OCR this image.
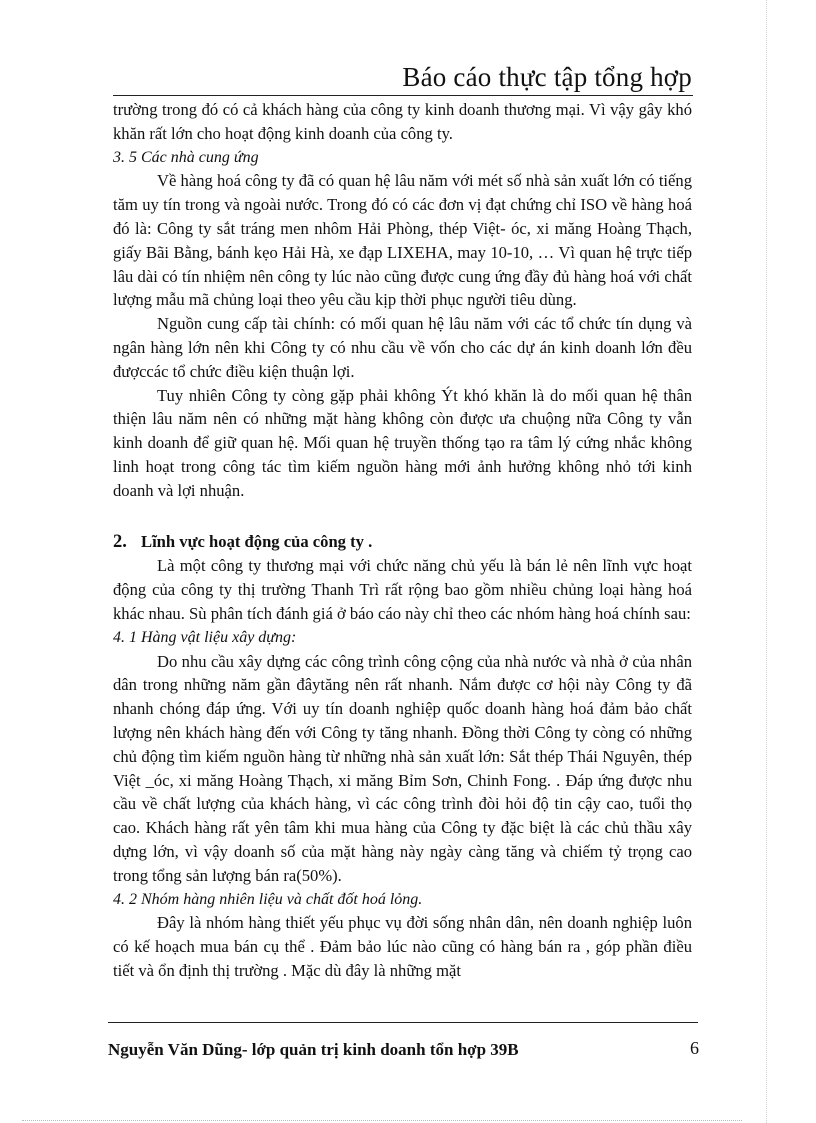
Báo cáo thực tập tổng hợp

trường trong đó có cả khách hàng của công ty kinh doanh thương mại. Vì vậy gây khó khăn rất lớn cho hoạt động kinh doanh của công ty.

3. 5 Các nhà cung ứng

Về hàng hoá công ty đã có quan hệ lâu năm với mét số nhà sản xuất lớn có tiếng tăm uy tín trong và ngoài nước. Trong đó có các đơn vị đạt chứng chỉ ISO về hàng hoá đó là: Công ty sắt tráng men nhôm Hải Phòng, thép Việt- óc, xi măng Hoàng Thạch, giấy Bãi Bằng, bánh kẹo Hải Hà, xe đạp LIXEHA, may 10-10, … Vì quan hệ trực tiếp lâu dài có tín nhiệm nên công ty lúc nào cũng được cung ứng đầy đủ hàng hoá với chất lượng mẫu mã chủng loại theo yêu cầu kịp thời phục người tiêu dùng.

Nguồn cung cấp tài chính: có mối quan hệ lâu năm với các tổ chức tín dụng và ngân hàng lớn nên khi Công ty có nhu cầu về vốn cho các dự án kinh doanh lớn đều đượccác tổ chức điều kiện thuận lợi.

Tuy nhiên Công ty còng gặp phải không Ýt khó khăn là do mối quan hệ thân thiện lâu năm nên có những mặt hàng không còn được ưa chuộng nữa Công ty vẫn kinh doanh để giữ quan hệ. Mối quan hệ truyền thống tạo ra tâm lý cứng nhắc không linh hoạt trong công tác tìm kiếm nguồn hàng mới ảnh hưởng không nhỏ tới kinh doanh và lợi nhuận.

2. Lĩnh vực hoạt động của công ty .

Là một công ty thương mại với chức năng chủ yếu là bán lẻ nên lĩnh vực hoạt động của công ty thị trường Thanh Trì rất rộng bao gồm nhiều chủng loại hàng hoá khác nhau. Sù phân tích đánh giá ở báo cáo này chỉ theo các nhóm hàng hoá chính sau:

4. 1 Hàng vật liệu xây dựng:

Do nhu cầu xây dựng các công trình công cộng của nhà nước và nhà ở của nhân dân trong những năm gần đâytăng nên rất nhanh. Nắm được cơ hội này Công ty đã nhanh chóng đáp ứng. Với uy tín doanh nghiệp quốc doanh hàng hoá đảm bảo chất lượng nên khách hàng đến với Công ty tăng nhanh. Đồng thời Công ty còng có những chủ động tìm kiếm nguồn hàng từ những nhà sản xuất lớn: Sắt thép Thái Nguyên, thép Việt _óc, xi măng Hoàng Thạch, xi măng Bỉm Sơn, Chinh Fong. . Đáp ứng được nhu cầu về chất lượng của khách hàng, vì các công trình đòi hỏi độ tin cậy cao, tuổi thọ cao. Khách hàng rất yên tâm khi mua hàng của Công ty đặc biệt là các chủ thầu xây dựng lớn, vì vậy doanh số của mặt hàng này ngày càng tăng và chiếm tỷ trọng cao trong tổng sản lượng bán ra(50%).

4. 2 Nhóm hàng nhiên liệu và chất đốt hoá lỏng.

Đây là nhóm hàng thiết yếu phục vụ đời sống nhân dân, nên doanh nghiệp luôn có kế hoạch mua bán cụ thể . Đảm bảo lúc nào cũng có hàng bán ra , góp phần điều tiết và ổn định thị trường . Mặc dù đây là những mặt

Nguyễn Văn Dũng- lớp quản trị kinh doanh tổn hợp 39B	6
